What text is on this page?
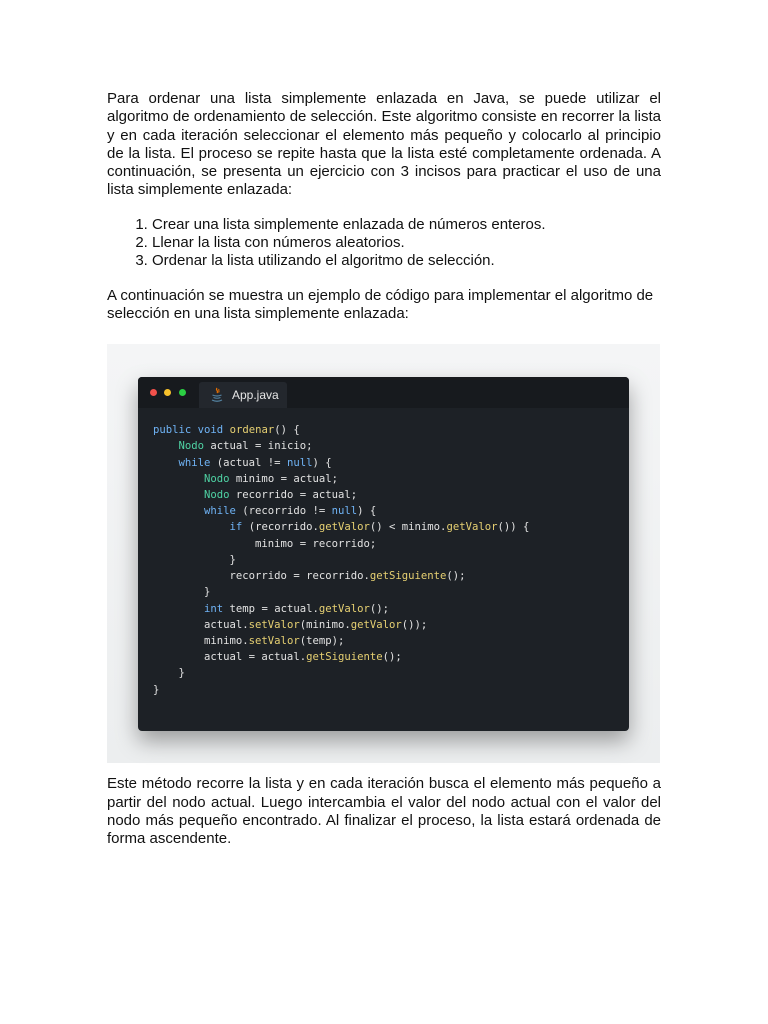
Para ordenar una lista simplemente enlazada en Java, se puede utilizar el algoritmo de ordenamiento de selección. Este algoritmo consiste en recorrer la lista y en cada iteración seleccionar el elemento más pequeño y colocarlo al principio de la lista. El proceso se repite hasta que la lista esté completamente ordenada. A continuación, se presenta un ejercicio con 3 incisos para practicar el uso de una lista simplemente enlazada:

1. Crear una lista simplemente enlazada de números enteros.
2. Llenar la lista con números aleatorios.
3. Ordenar la lista utilizando el algoritmo de selección.

A continuación se muestra un ejemplo de código para implementar el algoritmo de selección en una lista simplemente enlazada:

App.java
public void ordenar() {
Nodo actual = inicio;
while (actual != null) {
Nodo minimo = actual;
Nodo recorrido = actual;
while (recorrido != null) {
if (recorrido.getValor() < minimo.getValor()) {
minimo = recorrido;
}
recorrido = recorrido.getSiguiente();
}
int temp = actual.getValor();
actual.setValor(minimo.getValor());
minimo.setValor(temp);
actual = actual.getSiguiente();
}
}

Este método recorre la lista y en cada iteración busca el elemento más pequeño a partir del nodo actual. Luego intercambia el valor del nodo actual con el valor del nodo más pequeño encontrado. Al finalizar el proceso, la lista estará ordenada de forma ascendente.
